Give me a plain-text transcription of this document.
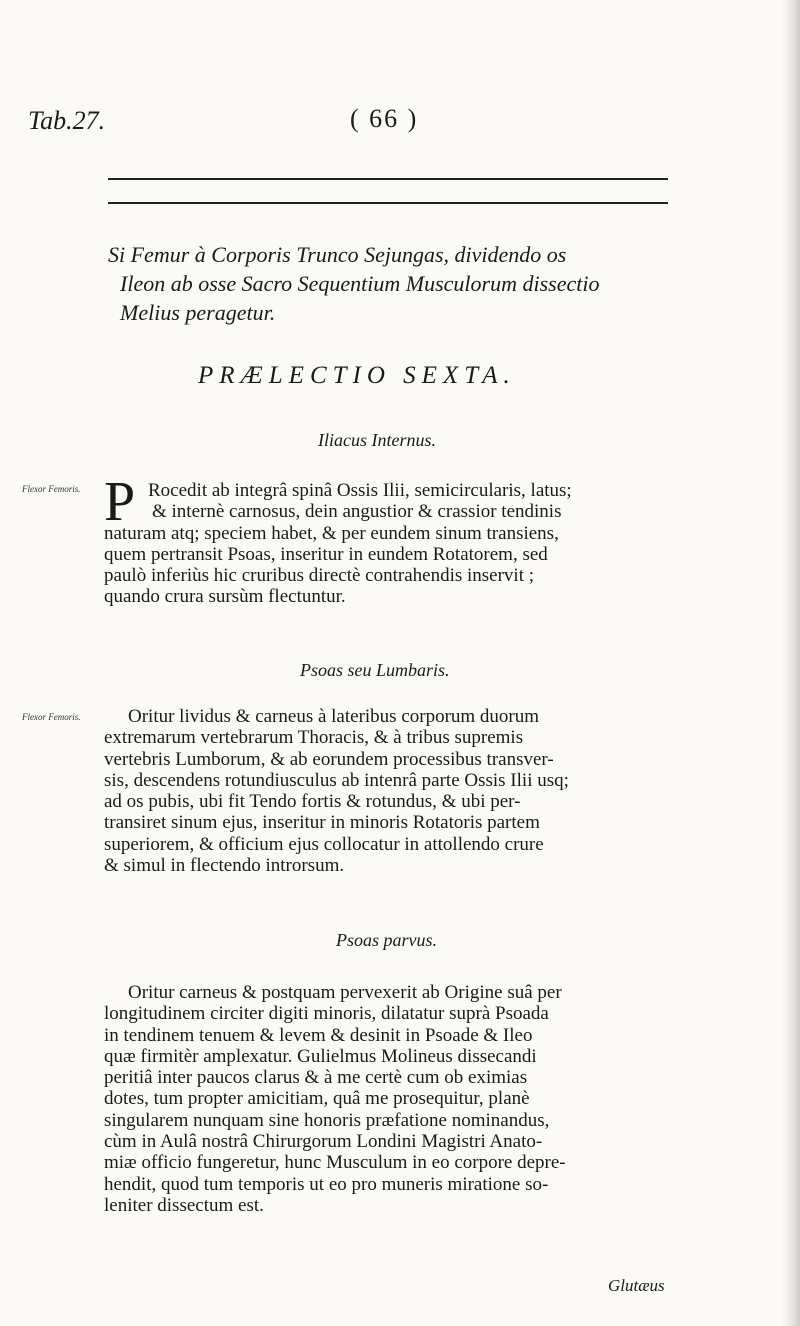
Tab.27.	( 66 )
Si Femur à Corporis Trunco Sejungas, dividendo os
Ileon ab osse Sacro Sequentium Musculorum dissectio
Melius peragetur.
PRÆLECTIO SEXTA.
Iliacus Internus.
Flexor Femoris. P Rocedit ab integrâ spinâ Ossis Ilii, semicircularis, latus;
& internè carnosus, dein angustior & crassior tendinis
naturam atq; speciem habet, & per eundem sinum transiens,
quem pertransit Psoas, inseritur in eundem Rotatorem, sed
paulò inferiùs hic cruribus directè contrahendis inservit ;
quando crura sursùm flectuntur.
Psoas seu Lumbaris.
Flexor Femoris.	Oritur lividus & carneus à lateribus corporum duorum
extremarum vertebrarum Thoracis, & à tribus supremis
vertebris Lumborum, & ab eorundem processibus transver-
sis, descendens rotundiusculus ab intenrâ parte Ossis Ilii usq;
ad os pubis, ubi fit Tendo fortis & rotundus, & ubi per-
transiret sinum ejus, inseritur in minoris Rotatoris partem
superiorem, & officium ejus collocatur in attollendo crure
& simul in flectendo introrsum.
Psoas parvus.
Oritur carneus & postquam pervexerit ab Origine suâ per
longitudinem circiter digiti minoris, dilatatur suprà Psoada
in tendinem tenuem & levem & desinit in Psoade & Ileo
quæ firmitèr amplexatur. Gulielmus Molineus dissecandi
peritiâ inter paucos clarus & à me certè cum ob eximias
dotes, tum propter amicitiam, quâ me prosequitur, planè
singularem nunquam sine honoris præfatione nominandus,
cùm in Aulâ nostrâ Chirurgorum Londini Magistri Anato-
miæ officio fungeretur, hunc Musculum in eo corpore depre-
hendit, quod tum temporis ut eo pro muneris miratione so-
leniter dissectum est.
Glutæus
